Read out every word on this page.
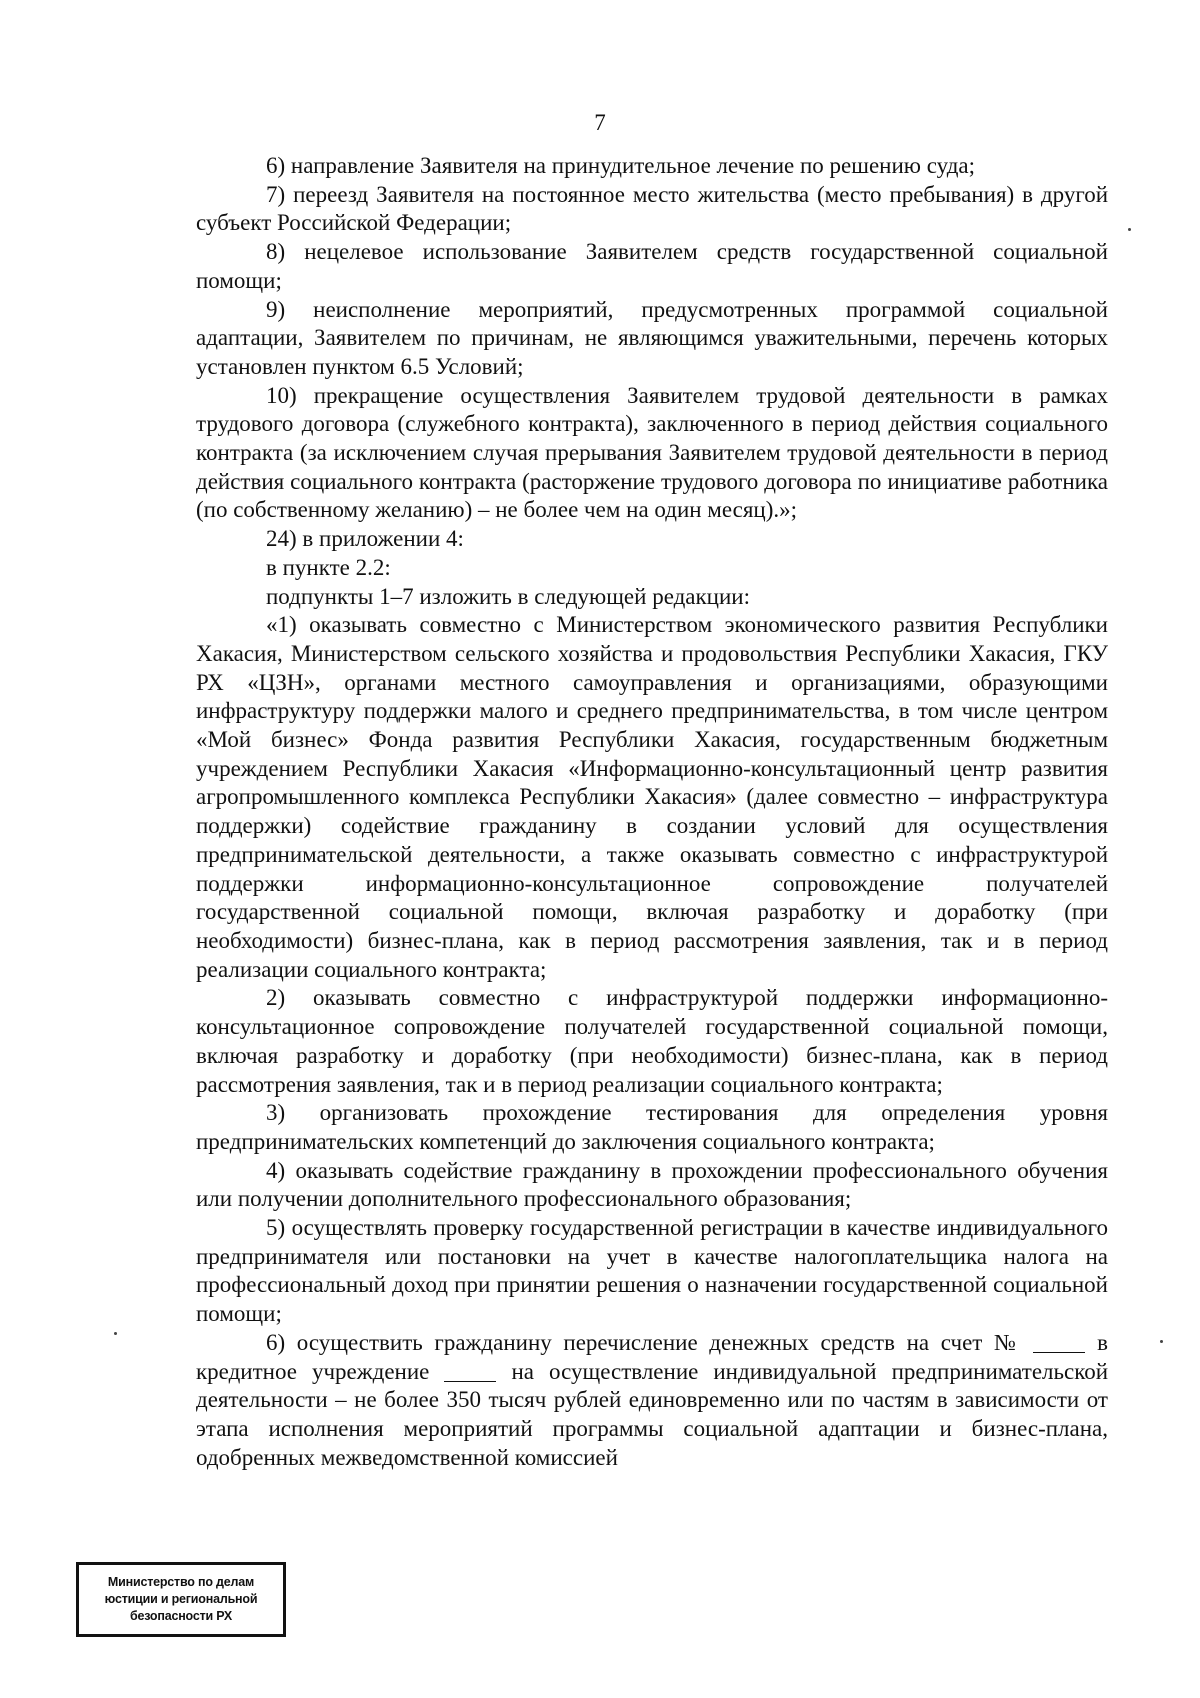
7

6) направление Заявителя на принудительное лечение по решению суда;

7) переезд Заявителя на постоянное место жительства (место пребывания) в другой субъект Российской Федерации;

8) нецелевое использование Заявителем средств государственной социальной помощи;

9) неисполнение мероприятий, предусмотренных программой социальной адаптации, Заявителем по причинам, не являющимся уважительными, перечень которых установлен пунктом 6.5 Условий;

10) прекращение осуществления Заявителем трудовой деятельности в рамках трудового договора (служебного контракта), заключенного в период действия социального контракта (за исключением случая прерывания Заявителем трудовой деятельности в период действия социального контракта (расторжение трудового договора по инициативе работника (по собственному желанию) – не более чем на один месяц).»;

24) в приложении 4:

в пункте 2.2:

подпункты 1–7 изложить в следующей редакции:

«1) оказывать совместно с Министерством экономического развития Республики Хакасия, Министерством сельского хозяйства и продовольствия Республики Хакасия, ГКУ РХ «ЦЗН», органами местного самоуправления и организациями, образующими инфраструктуру поддержки малого и среднего предпринимательства, в том числе центром «Мой бизнес» Фонда развития Республики Хакасия, государственным бюджетным учреждением Республики Хакасия «Информационно-консультационный центр развития агропромышленного комплекса Республики Хакасия» (далее совместно – инфраструктура поддержки) содействие гражданину в создании условий для осуществления предпринимательской деятельности, а также оказывать совместно с инфраструктурой поддержки информационно-консультационное сопровождение получателей государственной социальной помощи, включая разработку и доработку (при необходимости) бизнес-плана, как в период рассмотрения заявления, так и в период реализации социального контракта;

2) оказывать совместно с инфраструктурой поддержки информационно-консультационное сопровождение получателей государственной социальной помощи, включая разработку и доработку (при необходимости) бизнес-плана, как в период рассмотрения заявления, так и в период реализации социального контракта;

3) организовать прохождение тестирования для определения уровня предпринимательских компетенций до заключения социального контракта;

4) оказывать содействие гражданину в прохождении профессионального обучения или получении дополнительного профессионального образования;

5) осуществлять проверку государственной регистрации в качестве индивидуального предпринимателя или постановки на учет в качестве налогоплательщика налога на профессиональный доход при принятии решения о назначении государственной социальной помощи;

6) осуществить гражданину перечисление денежных средств на счет №	в кредитное учреждение	на осуществление индивидуальной предпринимательской деятельности – не более 350 тысяч рублей единовременно или по частям в зависимости от этапа исполнения мероприятий программы социальной адаптации и бизнес-плана, одобренных межведомственной комиссией

Министерство по делам
юстиции и региональной
безопасности РХ
